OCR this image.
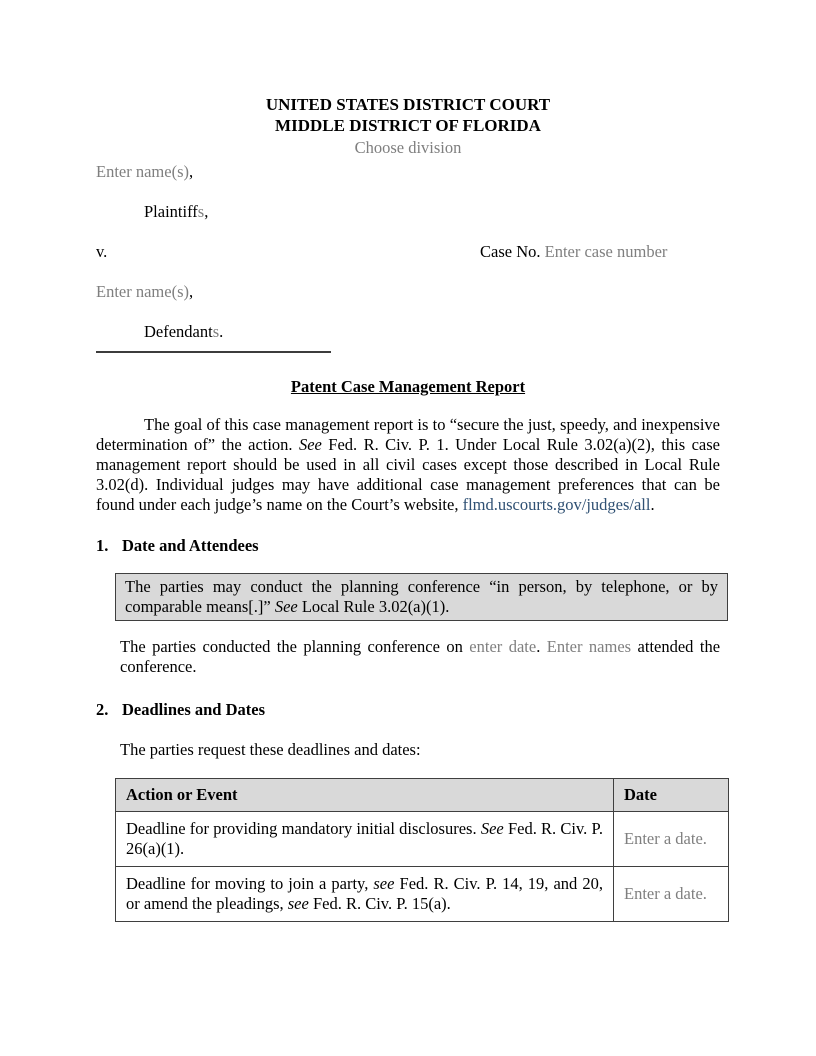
UNITED STATES DISTRICT COURT
MIDDLE DISTRICT OF FLORIDA
Choose division
Enter name(s),
Plaintiffs,
v.	Case No. Enter case number
Enter name(s),
Defendants.
Patent Case Management Report

The goal of this case management report is to “secure the just, speedy, and inexpensive determination of” the action. See Fed. R. Civ. P. 1. Under Local Rule 3.02(a)(2), this case management report should be used in all civil cases except those described in Local Rule 3.02(d). Individual judges may have additional case management preferences that can be found under each judge’s name on the Court’s website, flmd.uscourts.gov/judges/all.

1. Date and Attendees
The parties may conduct the planning conference “in person, by telephone, or by comparable means[.]” See Local Rule 3.02(a)(1).

The parties conducted the planning conference on enter date. Enter names attended the conference.

2. Deadlines and Dates

The parties request these deadlines and dates:

Action or Event	Date
Deadline for providing mandatory initial disclosures. See Fed. R. Civ. P. 26(a)(1).	Enter a date.
Deadline for moving to join a party, see Fed. R. Civ. P. 14, 19, and 20, or amend the pleadings, see Fed. R. Civ. P. 15(a).	Enter a date.
